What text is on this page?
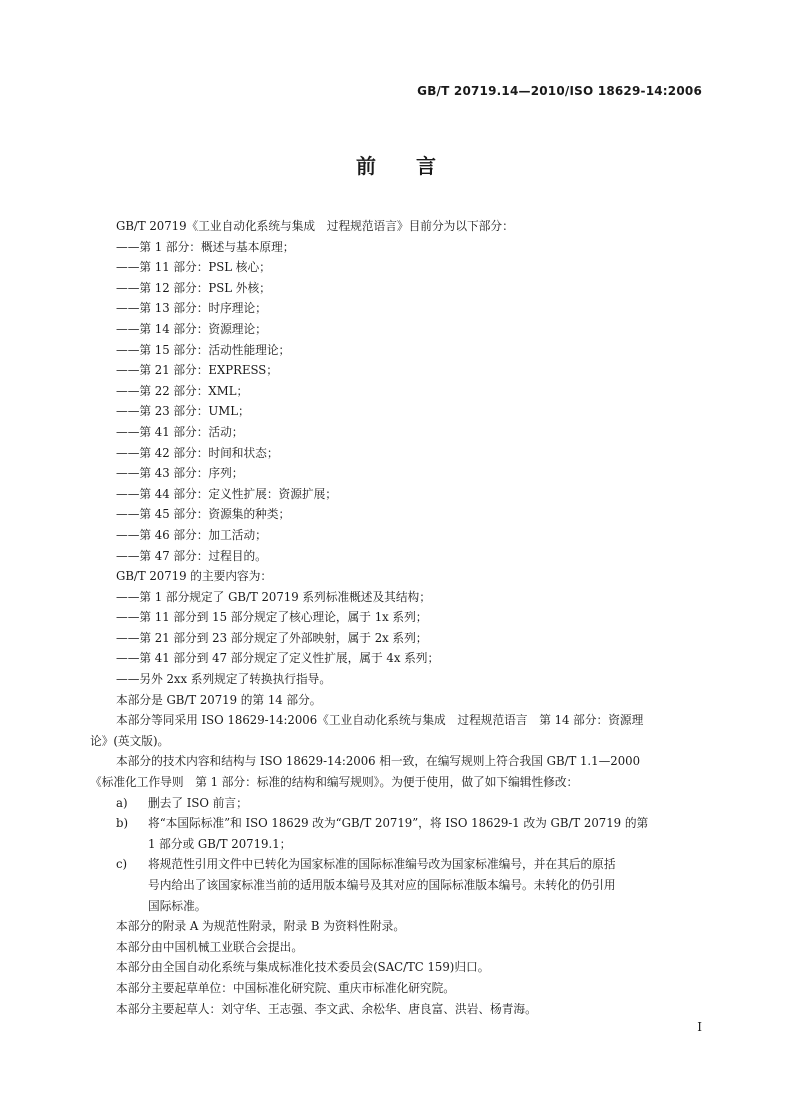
GB/T 20719.14—2010/ISO 18629-14:2006
前　　言
GB/T 20719《工业自动化系统与集成　过程规范语言》目前分为以下部分：
——第 1 部分：概述与基本原理；
——第 11 部分：PSL 核心；
——第 12 部分：PSL 外核；
——第 13 部分：时序理论；
——第 14 部分：资源理论；
——第 15 部分：活动性能理论；
——第 21 部分：EXPRESS；
——第 22 部分：XML；
——第 23 部分：UML；
——第 41 部分：活动；
——第 42 部分：时间和状态；
——第 43 部分：序列；
——第 44 部分：定义性扩展：资源扩展；
——第 45 部分：资源集的种类；
——第 46 部分：加工活动；
——第 47 部分：过程目的。
GB/T 20719 的主要内容为：
——第 1 部分规定了 GB/T 20719 系列标准概述及其结构；
——第 11 部分到 15 部分规定了核心理论，属于 1x 系列；
——第 21 部分到 23 部分规定了外部映射，属于 2x 系列；
——第 41 部分到 47 部分规定了定义性扩展，属于 4x 系列；
——另外 2xx 系列规定了转换执行指导。
本部分是 GB/T 20719 的第 14 部分。
本部分等同采用 ISO 18629-14:2006《工业自动化系统与集成　过程规范语言　第 14 部分：资源理
论》(英文版)。
本部分的技术内容和结构与 ISO 18629-14:2006 相一致，在编写规则上符合我国 GB/T 1.1—2000
《标准化工作导则　第 1 部分：标准的结构和编写规则》。为便于使用，做了如下编辑性修改：
a)	删去了 ISO 前言；
b)	将“本国际标准”和 ISO 18629 改为“GB/T 20719”，将 ISO 18629-1 改为 GB/T 20719 的第
1 部分或 GB/T 20719.1；
c)	将规范性引用文件中已转化为国家标准的国际标准编号改为国家标准编号，并在其后的原括
号内给出了该国家标准当前的适用版本编号及其对应的国际标准版本编号。未转化的仍引用
国际标准。
本部分的附录 A 为规范性附录，附录 B 为资料性附录。
本部分由中国机械工业联合会提出。
本部分由全国自动化系统与集成标准化技术委员会(SAC/TC 159)归口。
本部分主要起草单位：中国标准化研究院、重庆市标准化研究院。
本部分主要起草人：刘守华、王志强、李文武、余松华、唐良富、洪岩、杨青海。
I
